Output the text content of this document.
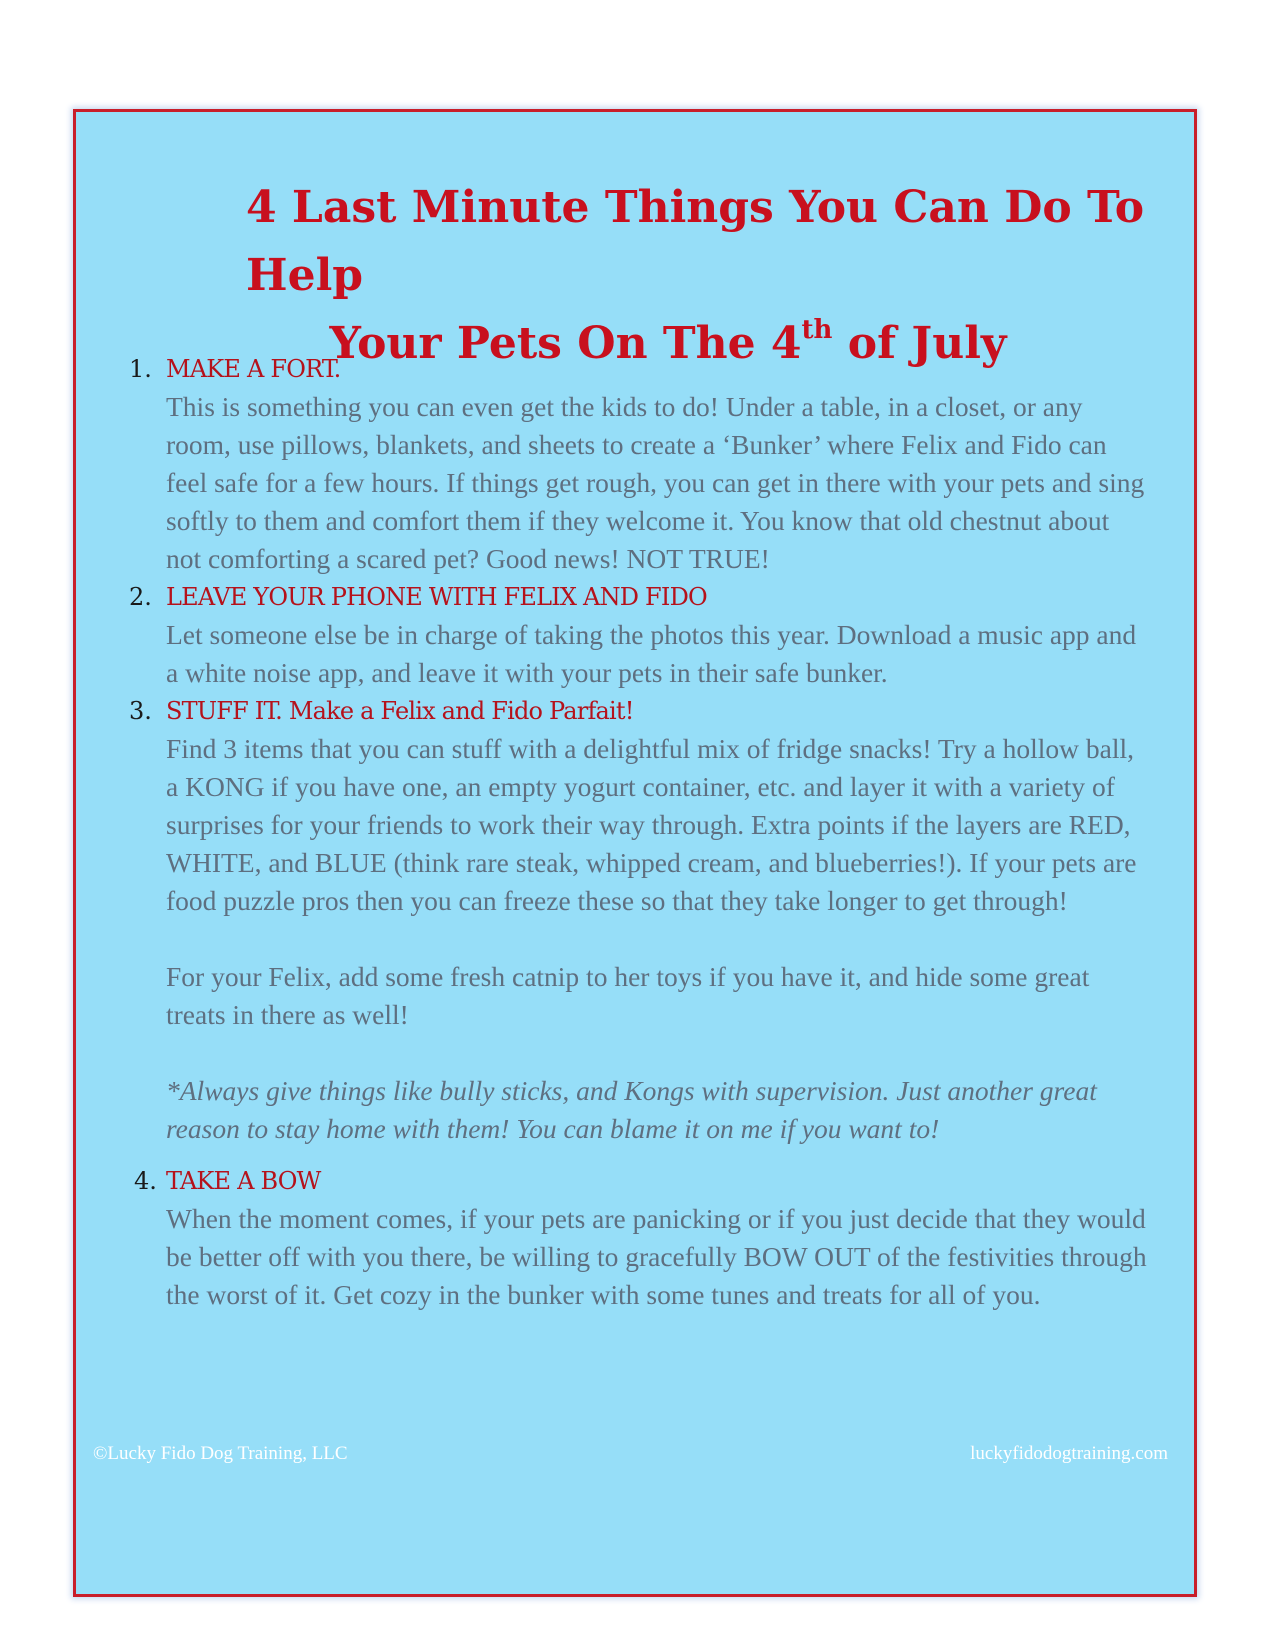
4 Last Minute Things You Can Do To Help
Your Pets On The 4th of July
1. MAKE A FORT.

This is something you can even get the kids to do! Under a table, in a closet, or any room, use pillows, blankets, and sheets to create a ‘Bunker’ where Felix and Fido can feel safe for a few hours. If things get rough, you can get in there with your pets and sing softly to them and comfort them if they welcome it. You know that old chestnut about not comforting a scared pet? Good news! NOT TRUE!

2. LEAVE YOUR PHONE WITH FELIX AND FIDO

Let someone else be in charge of taking the photos this year. Download a music app and a white noise app, and leave it with your pets in their safe bunker.

3. STUFF IT. Make a Felix and Fido Parfait!

Find 3 items that you can stuff with a delightful mix of fridge snacks! Try a hollow ball, a KONG if you have one, an empty yogurt container, etc. and layer it with a variety of surprises for your friends to work their way through. Extra points if the layers are RED, WHITE, and BLUE (think rare steak, whipped cream, and blueberries!). If your pets are food puzzle pros then you can freeze these so that they take longer to get through!

For your Felix, add some fresh catnip to her toys if you have it, and hide some great treats in there as well!

*Always give things like bully sticks, and Kongs with supervision. Just another great reason to stay home with them! You can blame it on me if you want to!

4. TAKE A BOW

When the moment comes, if your pets are panicking or if you just decide that they would be better off with you there, be willing to gracefully BOW OUT of the festivities through the worst of it. Get cozy in the bunker with some tunes and treats for all of you.

©Lucky Fido Dog Training, LLC	luckyfidodogtraining.com
